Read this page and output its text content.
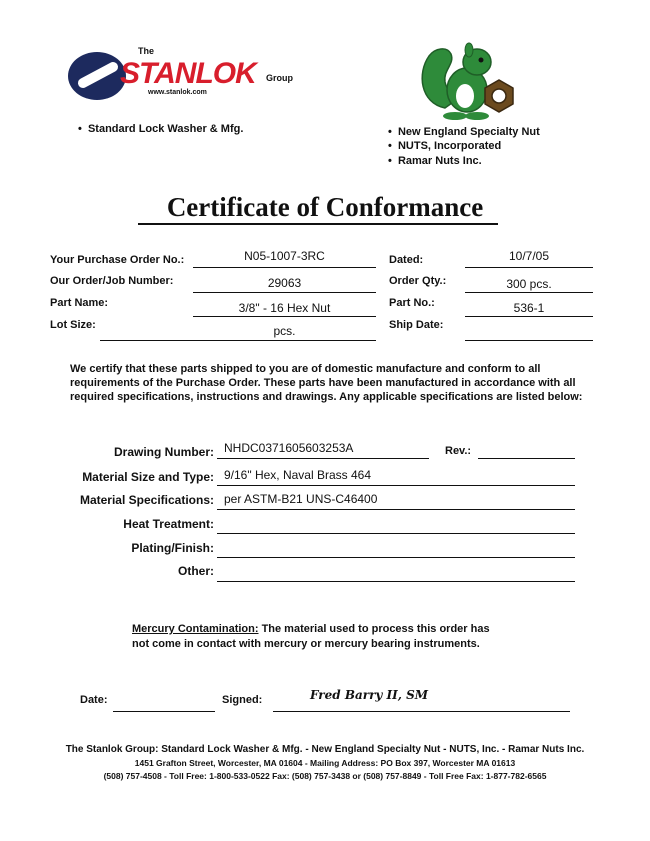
The
STANLOK Group
www.stanlok.com
•  Standard Lock Washer & Mfg.	•  New England Specialty Nut
•  NUTS, Incorporated
•  Ramar Nuts Inc.
Certificate of Conformance
Your Purchase Order No.:	N05-1007-3RC	Dated:	10/7/05
Our Order/Job Number:	29063	Order Qty.:	300 pcs.
Part Name:	3/8" - 16 Hex Nut	Part No.:	536-1
Lot Size:	pcs.	Ship Date:
We certify that these parts shipped to you are of domestic manufacture and conform to all requirements of the Purchase Order. These parts have been manufactured in accordance with all required specifications, instructions and drawings. Any applicable specifications are listed below:
Drawing Number: NHDC0371605603253A	Rev.:
Material Size and Type: 9/16" Hex, Naval Brass 464
Material Specifications: per ASTM-B21 UNS-C46400
Heat Treatment:
Plating/Finish:
Other:
Mercury Contamination: The material used to process this order has
not come in contact with mercury or mercury bearing instruments.
Date:	Signed:	Fred Barry II, SM
The Stanlok Group: Standard Lock Washer & Mfg. - New England Specialty Nut - NUTS, Inc. - Ramar Nuts Inc.
1451 Grafton Street, Worcester, MA 01604 - Mailing Address: PO Box 397, Worcester MA 01613
(508) 757-4508 - Toll Free: 1-800-533-0522 Fax: (508) 757-3438 or (508) 757-8849 - Toll Free Fax: 1-877-782-6565
